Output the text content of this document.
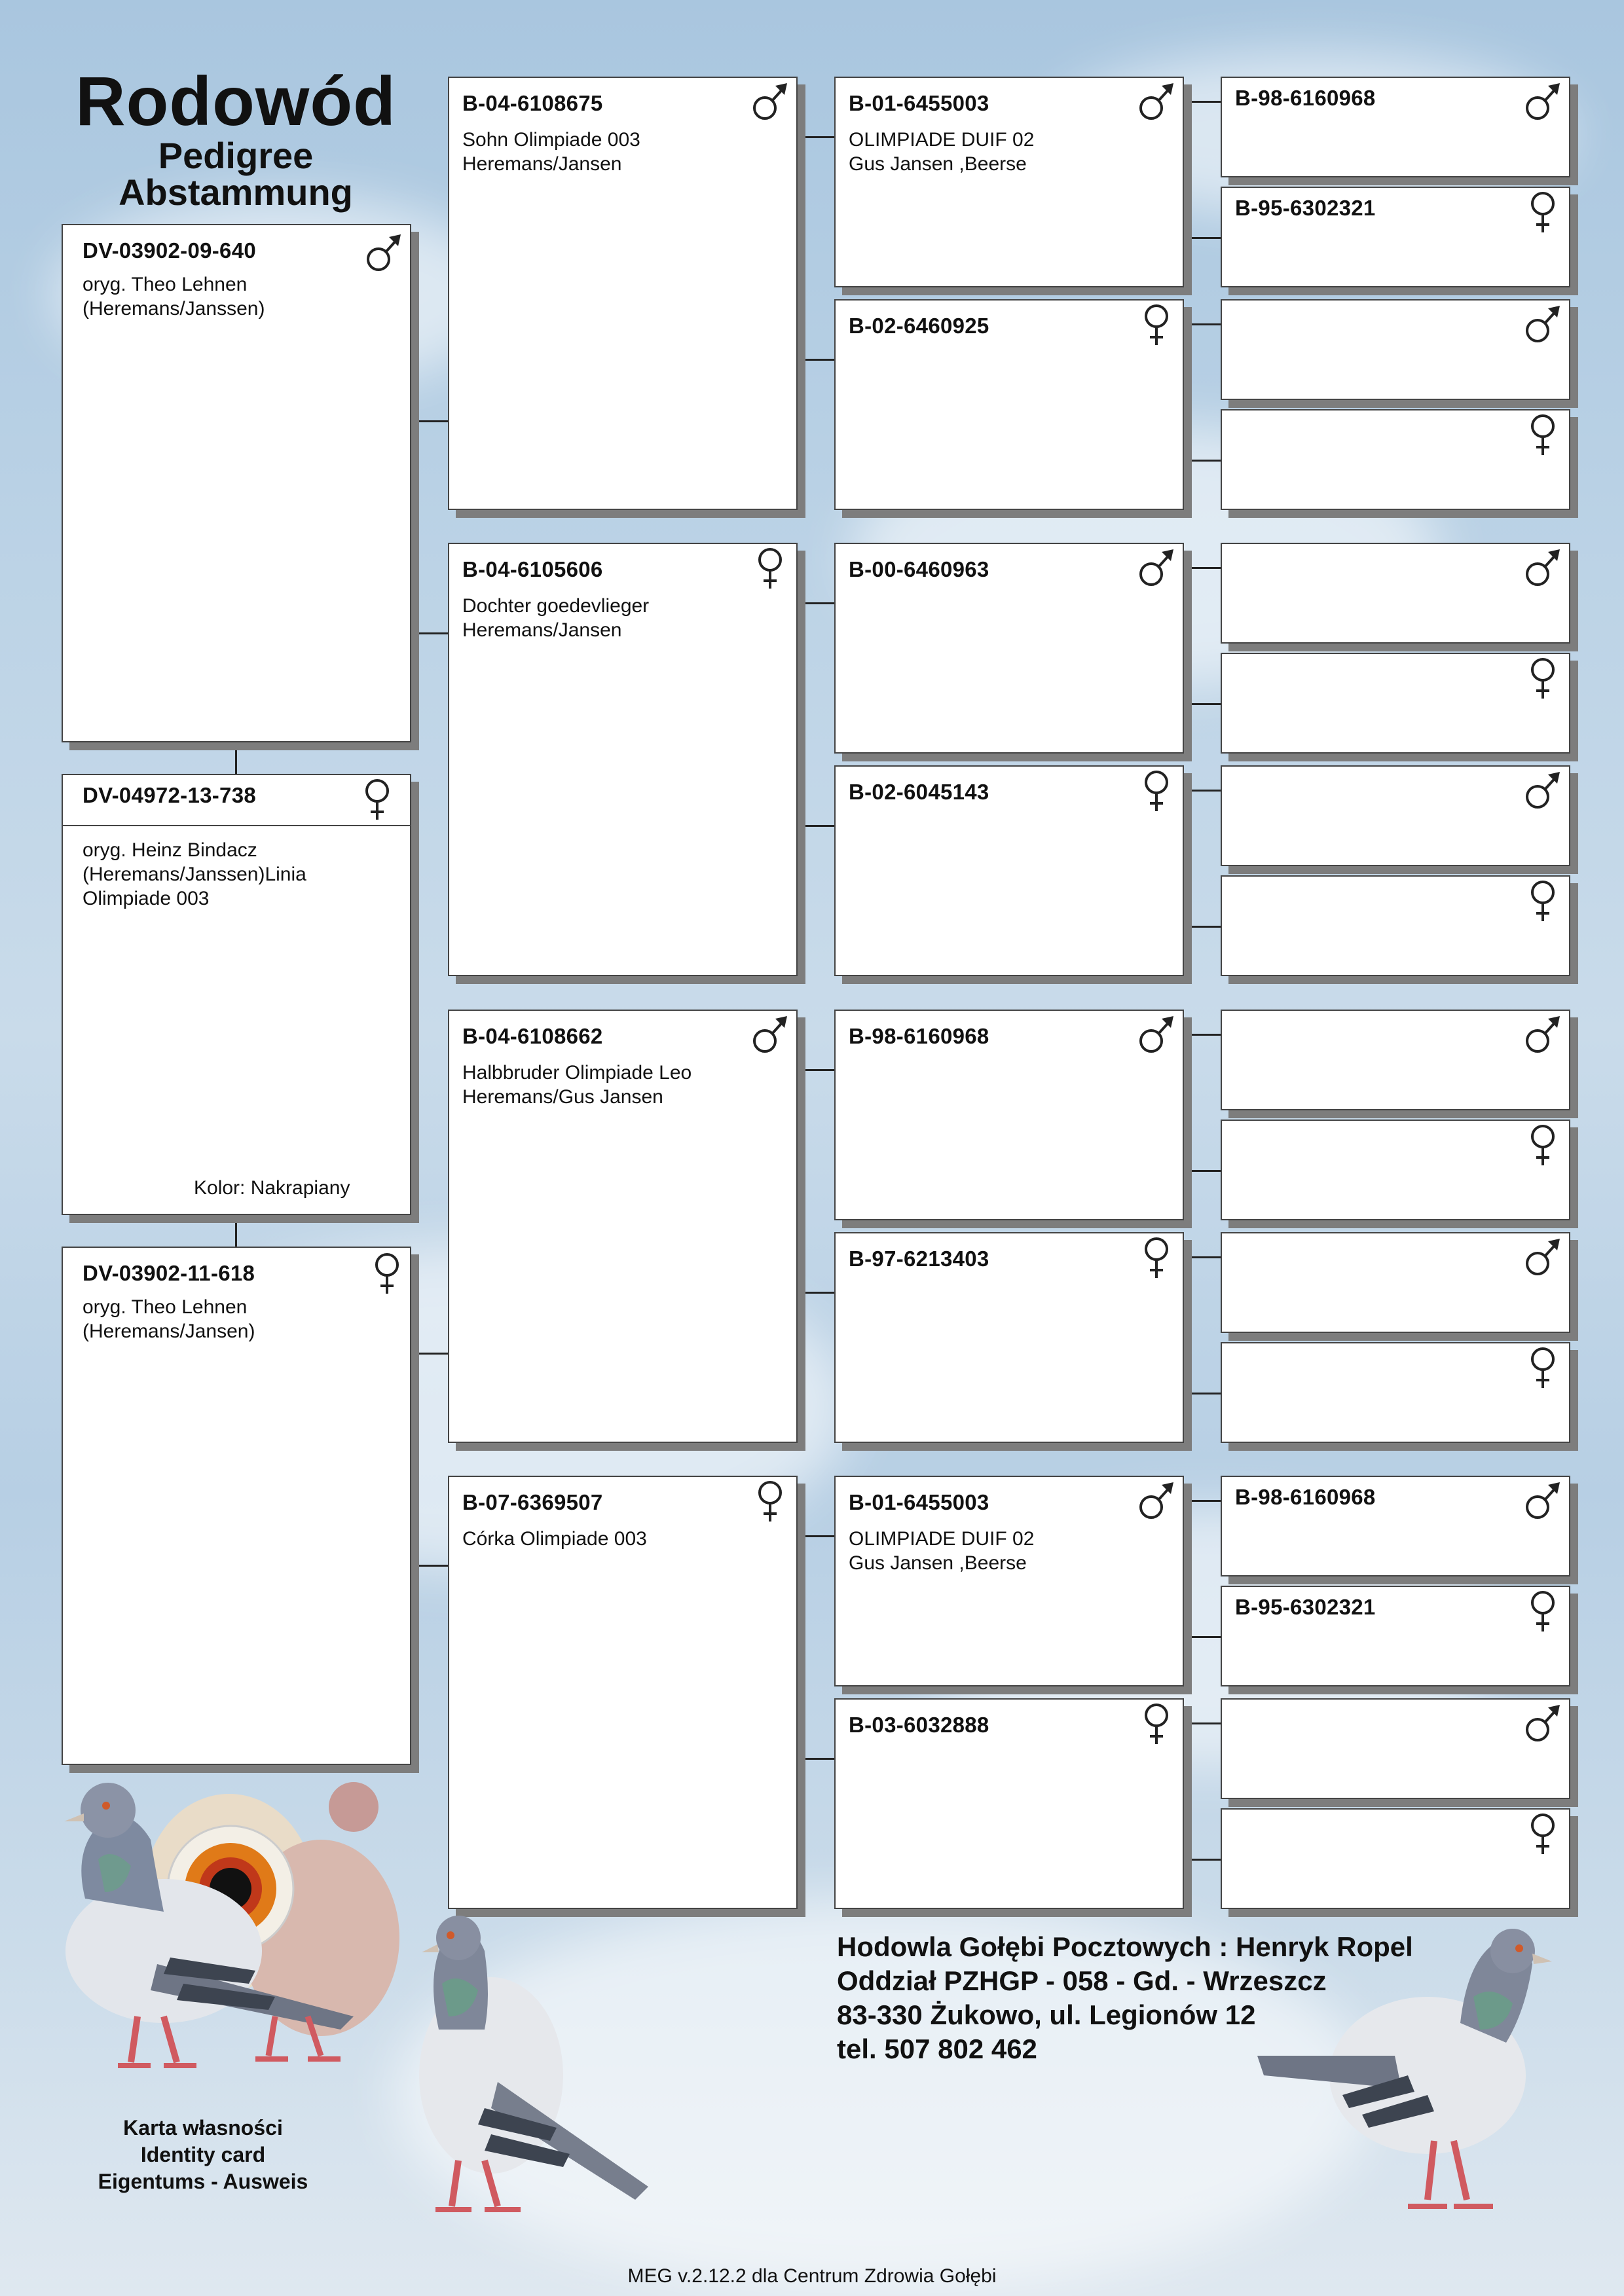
Rodowód
Pedigree
Abstammung
DV-03902-09-640
oryg. Theo Lehnen
(Heremans/Janssen)
DV-04972-13-738
oryg. Heinz Bindacz
(Heremans/Janssen)Linia
Olimpiade 003
Kolor: Nakrapiany
DV-03902-11-618
oryg. Theo Lehnen
(Heremans/Jansen)
B-04-6108675
Sohn Olimpiade 003
Heremans/Jansen
B-04-6105606
Dochter goedevlieger
Heremans/Jansen
B-04-6108662
Halbbruder Olimpiade Leo
Heremans/Gus Jansen
B-07-6369507
Córka Olimpiade 003
B-01-6455003
OLIMPIADE DUIF 02
Gus Jansen ,Beerse
B-02-6460925
B-00-6460963
B-02-6045143
B-98-6160968
B-97-6213403
B-01-6455003
OLIMPIADE DUIF 02
Gus Jansen ,Beerse
B-03-6032888
B-98-6160968
B-95-6302321
B-98-6160968
B-95-6302321
Hodowla Gołębi Pocztowych : Henryk Ropel
Oddział PZHGP - 058 - Gd. - Wrzeszcz
83-330 Żukowo, ul. Legionów 12
tel. 507 802 462
Karta własności
Identity card
Eigentums - Ausweis
MEG v.2.12.2 dla Centrum Zdrowia Gołębi
